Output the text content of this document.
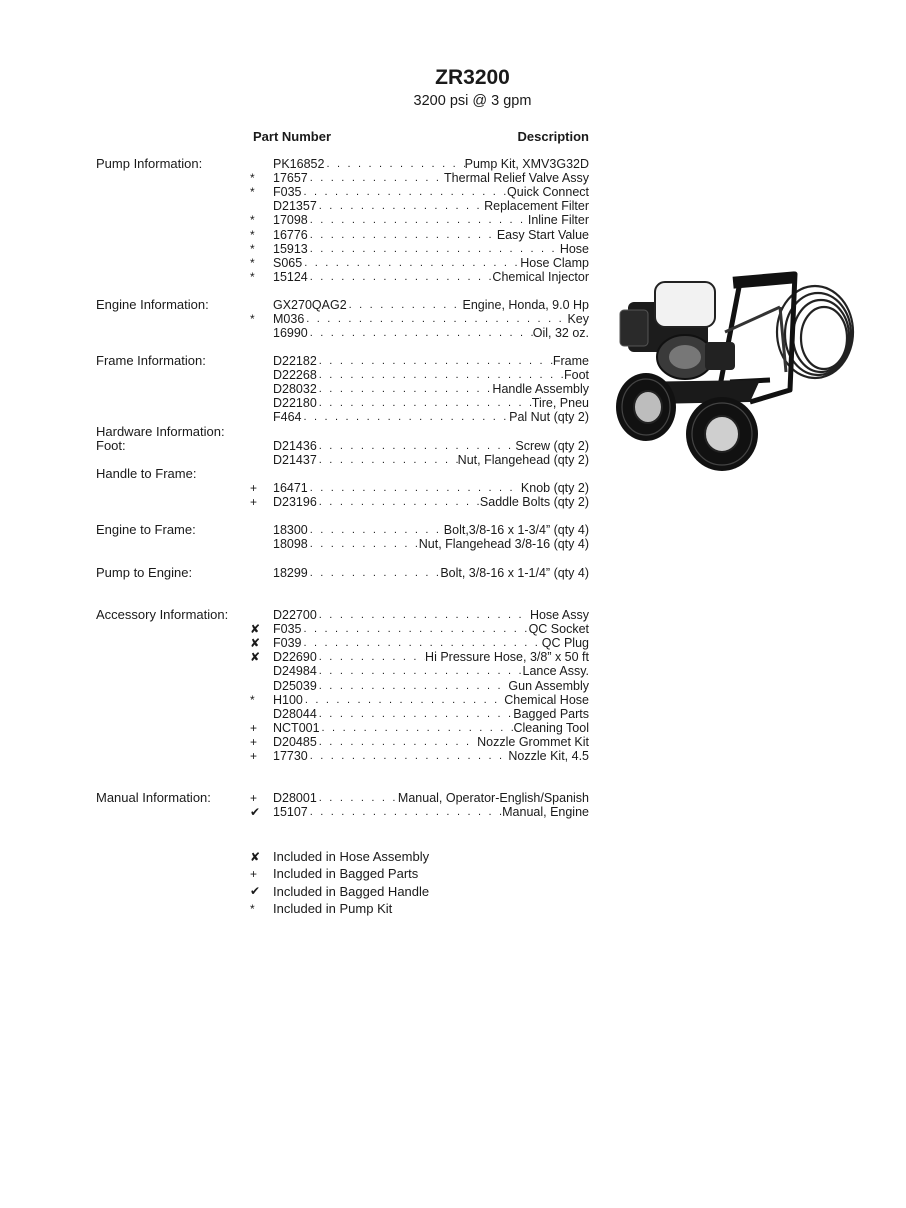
ZR3200
3200 psi @ 3 gpm
Part Number	Description
Pump Information:	PK16852 . . .	Pump Kit, XMV3G32D
*	17657 . . .	Thermal Relief Valve Assy
*	F035 . . .	Quick Connect
D21357 . . .	Replacement Filter
*	17098 . . .	Inline Filter
*	16776 . . .	Easy Start Value
*	15913 . . .	Hose
*	S065 . . .	Hose Clamp
*	15124 . . .	Chemical Injector
Engine Information:	GX270QAG2 . . .	Engine, Honda, 9.0 Hp
*	M036 . . .	Key
16990 . . .	Oil, 32 oz.
Frame Information:	D22182 . . .	Frame
D22268 . . .	Foot
D28032 . . .	Handle Assembly
D22180 . . .	Tire, Pneu
F464 . . .	Pal Nut (qty 2)
Hardware Information:
Foot:	D21436 . . .	Screw (qty 2)
D21437 . . .	Nut, Flangehead (qty 2)
Handle to Frame:
+	16471 . . .	Knob (qty 2)
+	D23196 . . .	Saddle Bolts (qty 2)
Engine to Frame:	18300 . . .	Bolt,3/8-16 x 1-3/4” (qty 4)
18098 . . .	Nut, Flangehead 3/8-16 (qty 4)
Pump to Engine:	18299 . . .	Bolt, 3/8-16 x 1-1/4” (qty 4)
Accessory Information:	D22700 . . .	Hose Assy
✘	F035 . . .	QC Socket
✘	F039 . . .	QC Plug
✘	D22690 . . .	Hi Pressure Hose, 3/8” x 50 ft
D24984 . . .	Lance Assy.
D25039 . . .	Gun Assembly
*	H100 . . .	Chemical Hose
D28044 . . .	Bagged Parts
+	NCT001 . . .	Cleaning Tool
+	D20485 . . .	Nozzle Grommet Kit
+	17730 . . .	Nozzle Kit, 4.5
Manual Information:	+	D28001 . . .	Manual, Operator-English/Spanish
✔	15107 . . .	Manual, Engine
✘ Included in Hose Assembly
+	Included in Bagged Parts
✔ Included in Bagged Handle
*	Included in Pump Kit
